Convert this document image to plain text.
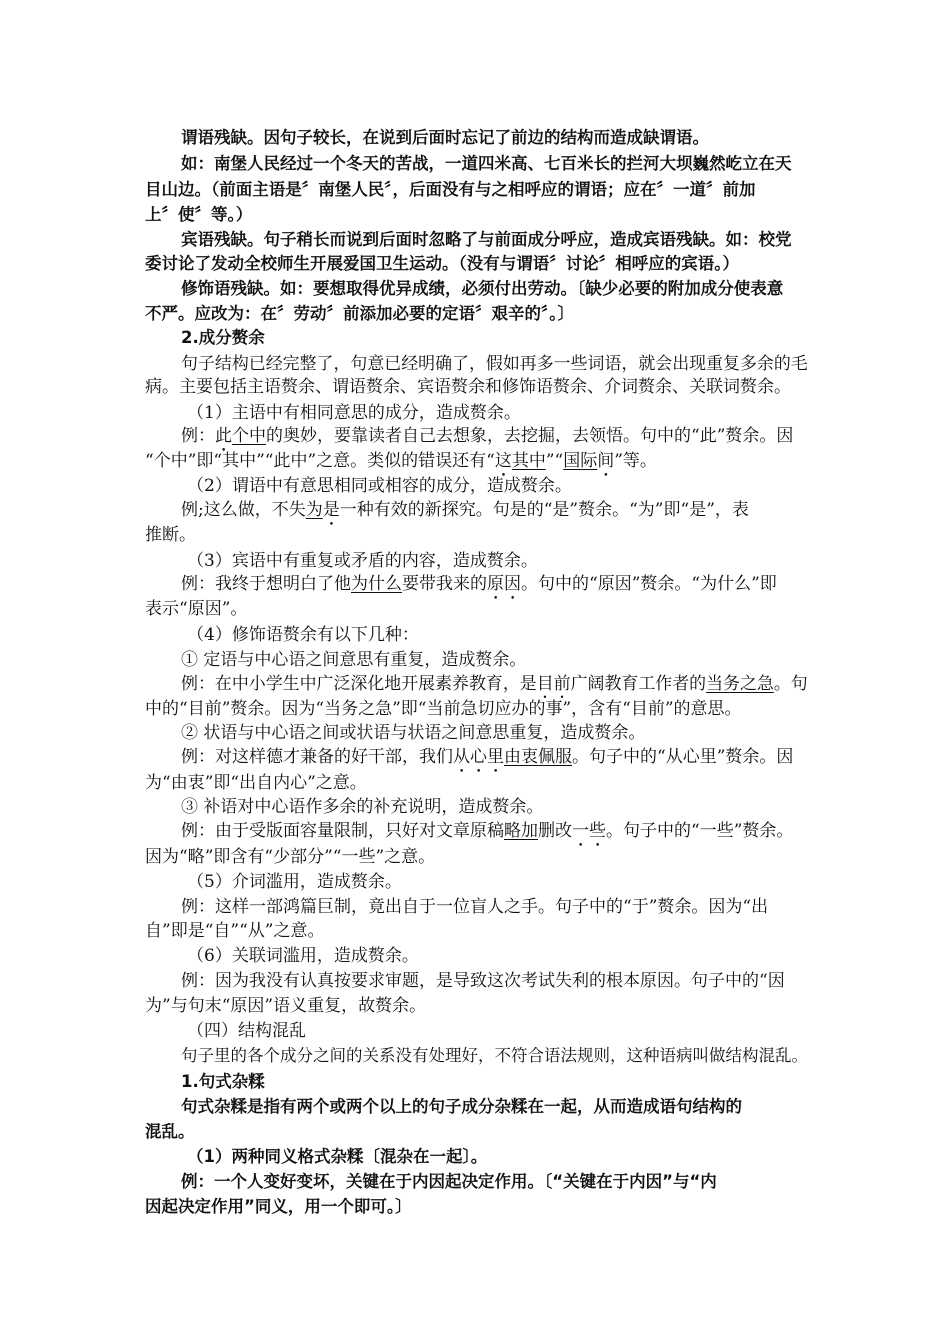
谓语残缺。因句子较长，在说到后面时忘记了前边的结构而造成缺谓语。
如：南堡人民经过一个冬天的苦战，一道四米高、七百米长的拦河大坝巍然屹立在天
目山边。（前面主语是〞南堡人民〞，后面没有与之相呼应的谓语；应在〞一道〞前加
上〞使〞等。）
宾语残缺。句子稍长而说到后面时忽略了与前面成分呼应，造成宾语残缺。如：校党
委讨论了发动全校师生开展爱国卫生运动。（没有与谓语〞讨论〞相呼应的宾语。）
修饰语残缺。如：要想取得优异成绩，必须付出劳动。〔缺少必要的附加成分使表意
不严。应改为：在〞劳动〞前添加必要的定语〞艰辛的〞。〕
2.成分赘余
句子结构已经完整了，句意已经明确了，假如再多一些词语，就会出现重复多余的毛
病。主要包括主语赘余、谓语赘余、宾语赘余和修饰语赘余、介词赘余、关联词赘余。
（1）主语中有相同意思的成分，造成赘余。
例：此个中的奥妙，要靠读者自己去想象，去挖掘，去领悟。句中的“此”赘余。因
“个中”即“其中”“此中”之意。类似的错误还有“这其中”“国际间”等。
（2）谓语中有意思相同或相容的成分，造成赘余。
例;这么做，不失为是一种有效的新探究。句是的“是”赘余。“为”即“是”，表
推断。
（3）宾语中有重复或矛盾的内容，造成赘余。
例：我终于想明白了他为什么要带我来的原因。句中的“原因”赘余。“为什么”即
表示“原因”。
（4）修饰语赘余有以下几种：
① 定语与中心语之间意思有重复，造成赘余。
例：在中小学生中广泛深化地开展素养教育，是目前广阔教育工作者的当务之急。句
中的“目前”赘余。因为“当务之急”即“当前急切应办的事”，含有“目前”的意思。
② 状语与中心语之间或状语与状语之间意思重复，造成赘余。
例：对这样德才兼备的好干部，我们从心里由衷佩服。句子中的“从心里”赘余。因
为“由衷”即“出自内心”之意。
③ 补语对中心语作多余的补充说明，造成赘余。
例：由于受版面容量限制，只好对文章原稿略加删改一些。句子中的“一些”赘余。
因为“略”即含有“少部分”“一些”之意。
（5）介词滥用，造成赘余。
例：这样一部鸿篇巨制，竟出自于一位盲人之手。句子中的“于”赘余。因为“出
自”即是“自”“从”之意。
（6）关联词滥用，造成赘余。
例：因为我没有认真按要求审题，是导致这次考试失利的根本原因。句子中的“因
为”与句末“原因”语义重复，故赘余。
（四）结构混乱
句子里的各个成分之间的关系没有处理好，不符合语法规则，这种语病叫做结构混乱。
1.句式杂糅
句式杂糅是指有两个或两个以上的句子成分杂糅在一起，从而造成语句结构的
混乱。
（1）两种同义格式杂糅〔混杂在一起〕。
例：一个人变好变坏，关键在于内因起决定作用。〔“关键在于内因”与“内
因起决定作用”同义，用一个即可。〕
